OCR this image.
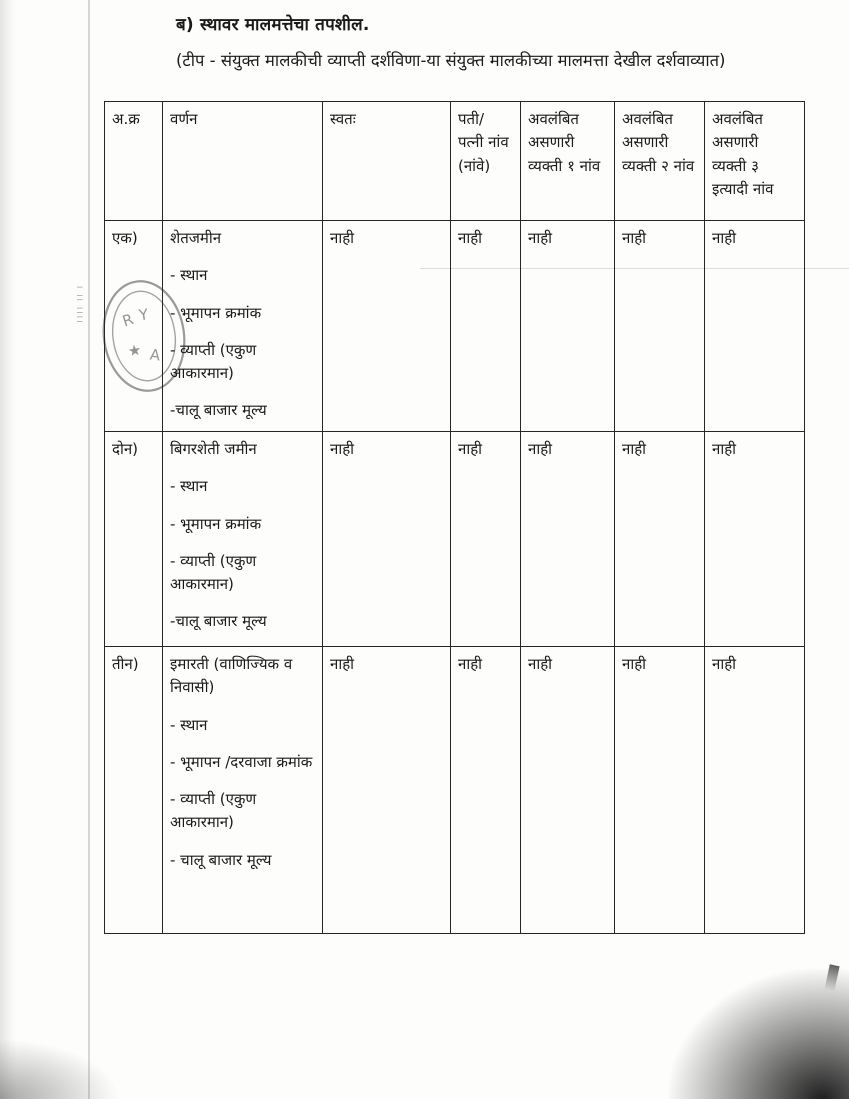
। ।। ।।।। R Y
★ A
ब) स्थावर मालमत्तेचा तपशील.
(टीप - संयुक्त मालकीची व्याप्ती दर्शविणा-या संयुक्त मालकीच्या मालमत्ता देखील दर्शवाव्यात)
अ.क्र	वर्णन	स्वतः	पती/ पत्नी नांव (नांवे)	अवलंबित असणारी व्यक्ती १ नांव	अवलंबित असणारी व्यक्ती २ नांव	अवलंबित असणारी व्यक्ती ३ इत्यादी नांव
एक)	शेतजमीन
- स्थान
- भूमापन क्रमांक
- व्याप्ती (एकुण आकारमान)
-चालू बाजार मूल्य	नाही	नाही	नाही	नाही	नाही
दोन)	बिगरशेती जमीन
- स्थान
- भूमापन क्रमांक
- व्याप्ती (एकुण आकारमान)
-चालू बाजार मूल्य	नाही	नाही	नाही	नाही	नाही
तीन)	इमारती (वाणिज्यिक व निवासी)
- स्थान
- भूमापन /दरवाजा क्रमांक
- व्याप्ती (एकुण आकारमान)
- चालू बाजार मूल्य	नाही	नाही	नाही	नाही	नाही
